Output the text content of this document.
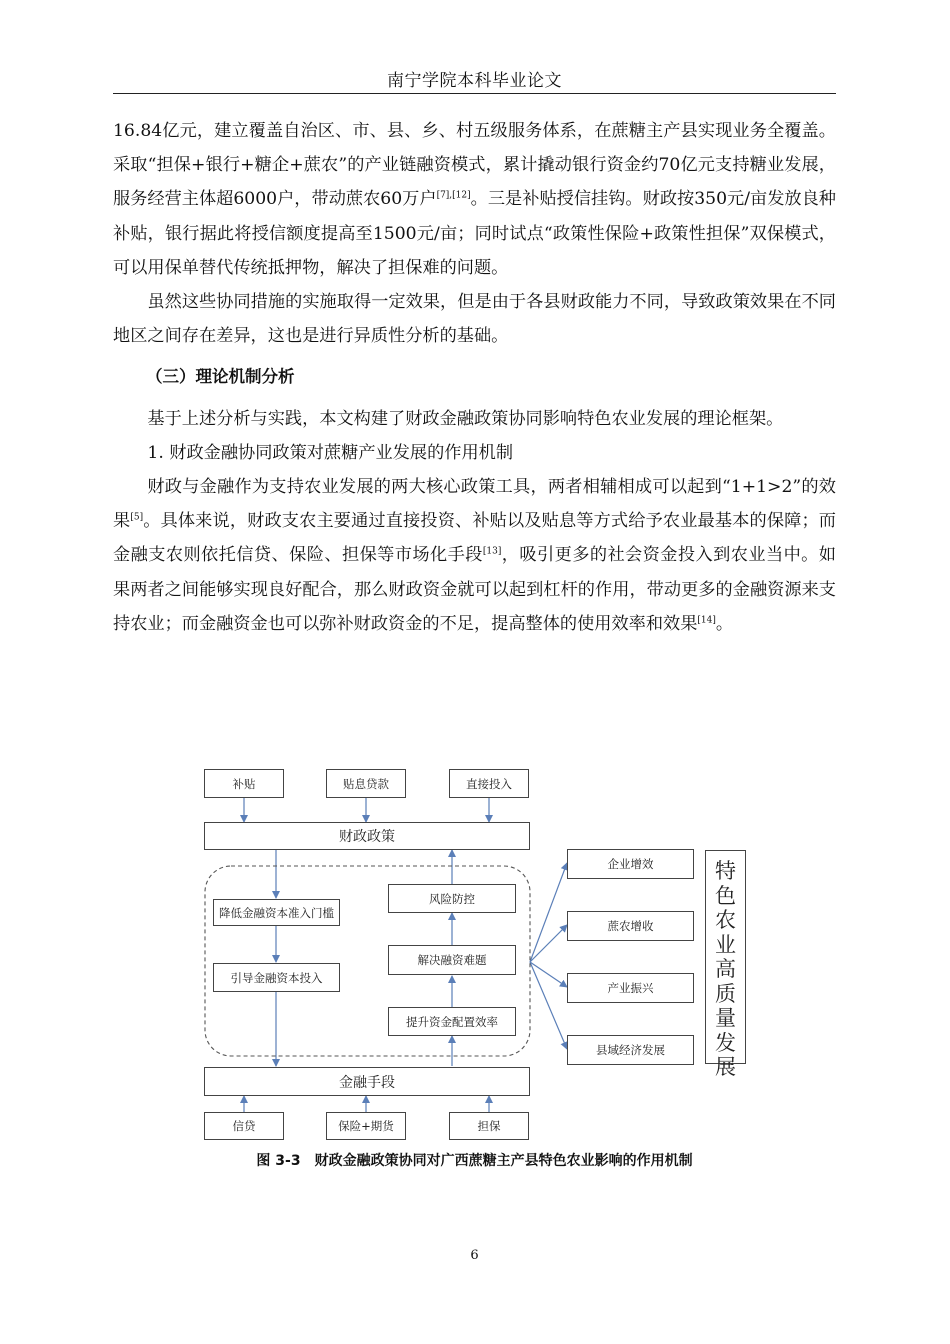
南宁学院本科毕业论文

16.84亿元，建立覆盖自治区、市、县、乡、村五级服务体系，在蔗糖主产县实现业务全覆盖。采取“担保+银行+糖企+蔗农”的产业链融资模式，累计撬动银行资金约70亿元支持糖业发展，服务经营主体超6000户，带动蔗农60万户[7],[12]。三是补贴授信挂钩。财政按350元/亩发放良种补贴，银行据此将授信额度提高至1500元/亩；同时试点“政策性保险+政策性担保”双保模式，可以用保单替代传统抵押物，解决了担保难的问题。

虽然这些协同措施的实施取得一定效果，但是由于各县财政能力不同，导致政策效果在不同地区之间存在差异，这也是进行异质性分析的基础。

（三）理论机制分析

基于上述分析与实践，本文构建了财政金融政策协同影响特色农业发展的理论框架。

1. 财政金融协同政策对蔗糖产业发展的作用机制

财政与金融作为支持农业发展的两大核心政策工具，两者相辅相成可以起到“1+1>2”的效果[5]。具体来说，财政支农主要通过直接投资、补贴以及贴息等方式给予农业最基本的保障；而金融支农则依托信贷、保险、担保等市场化手段[13]，吸引更多的社会资金投入到农业当中。如果两者之间能够实现良好配合，那么财政资金就可以起到杠杆的作用，带动更多的金融资源来支持农业；而金融资金也可以弥补财政资金的不足，提高整体的使用效率和效果[14]。

补贴	贴息贷款	直接投入
财政政策
降低金融资本准入门槛
引导金融资本投入
风险防控
解决融资难题
提升资金配置效率
金融手段
信贷	保险+期货	担保
企业增效
蔗农增收
产业振兴
县域经济发展
特
色
农
业
高
质
量
发
展
图 3-3　财政金融政策协同对广西蔗糖主产县特色农业影响的作用机制
6
